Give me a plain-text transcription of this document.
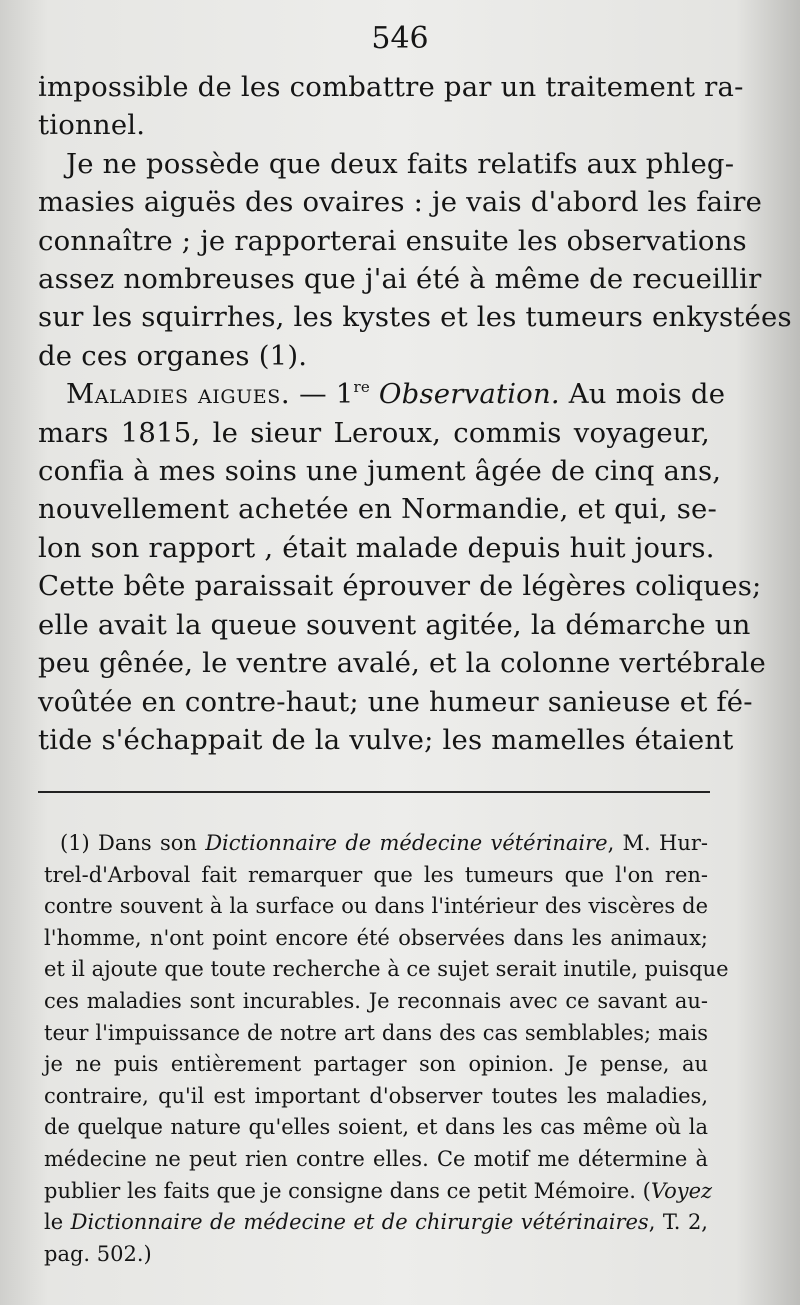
546
impossible de les combattre par un traitement ra-
tionnel.
Je ne possède que deux faits relatifs aux phleg-
masies aiguës des ovaires : je vais d'abord les faire
connaître ; je rapporterai ensuite les observations
assez nombreuses que j'ai été à même de recueillir
sur les squirrhes, les kystes et les tumeurs enkystées
de ces organes (1).
Maladies aigues. — 1re Observation. Au mois de
mars 1815, le sieur Leroux, commis voyageur,
confia à mes soins une jument âgée de cinq ans,
nouvellement achetée en Normandie, et qui, se-
lon son rapport , était malade depuis huit jours.
Cette bête paraissait éprouver de légères coliques;
elle avait la queue souvent agitée, la démarche un
peu gênée, le ventre avalé, et la colonne vertébrale
voûtée en contre-haut; une humeur sanieuse et fé-
tide s'échappait de la vulve; les mamelles étaient
(1) Dans son Dictionnaire de médecine vétérinaire, M. Hur-
trel-d'Arboval fait remarquer que les tumeurs que l'on ren-
contre souvent à la surface ou dans l'intérieur des viscères de
l'homme, n'ont point encore été observées dans les animaux;
et il ajoute que toute recherche à ce sujet serait inutile, puisque
ces maladies sont incurables. Je reconnais avec ce savant au-
teur l'impuissance de notre art dans des cas semblables; mais
je ne puis entièrement partager son opinion. Je pense, au
contraire, qu'il est important d'observer toutes les maladies,
de quelque nature qu'elles soient, et dans les cas même où la
médecine ne peut rien contre elles. Ce motif me détermine à
publier les faits que je consigne dans ce petit Mémoire. (Voyez
le Dictionnaire de médecine et de chirurgie vétérinaires, T. 2,
pag. 502.)
